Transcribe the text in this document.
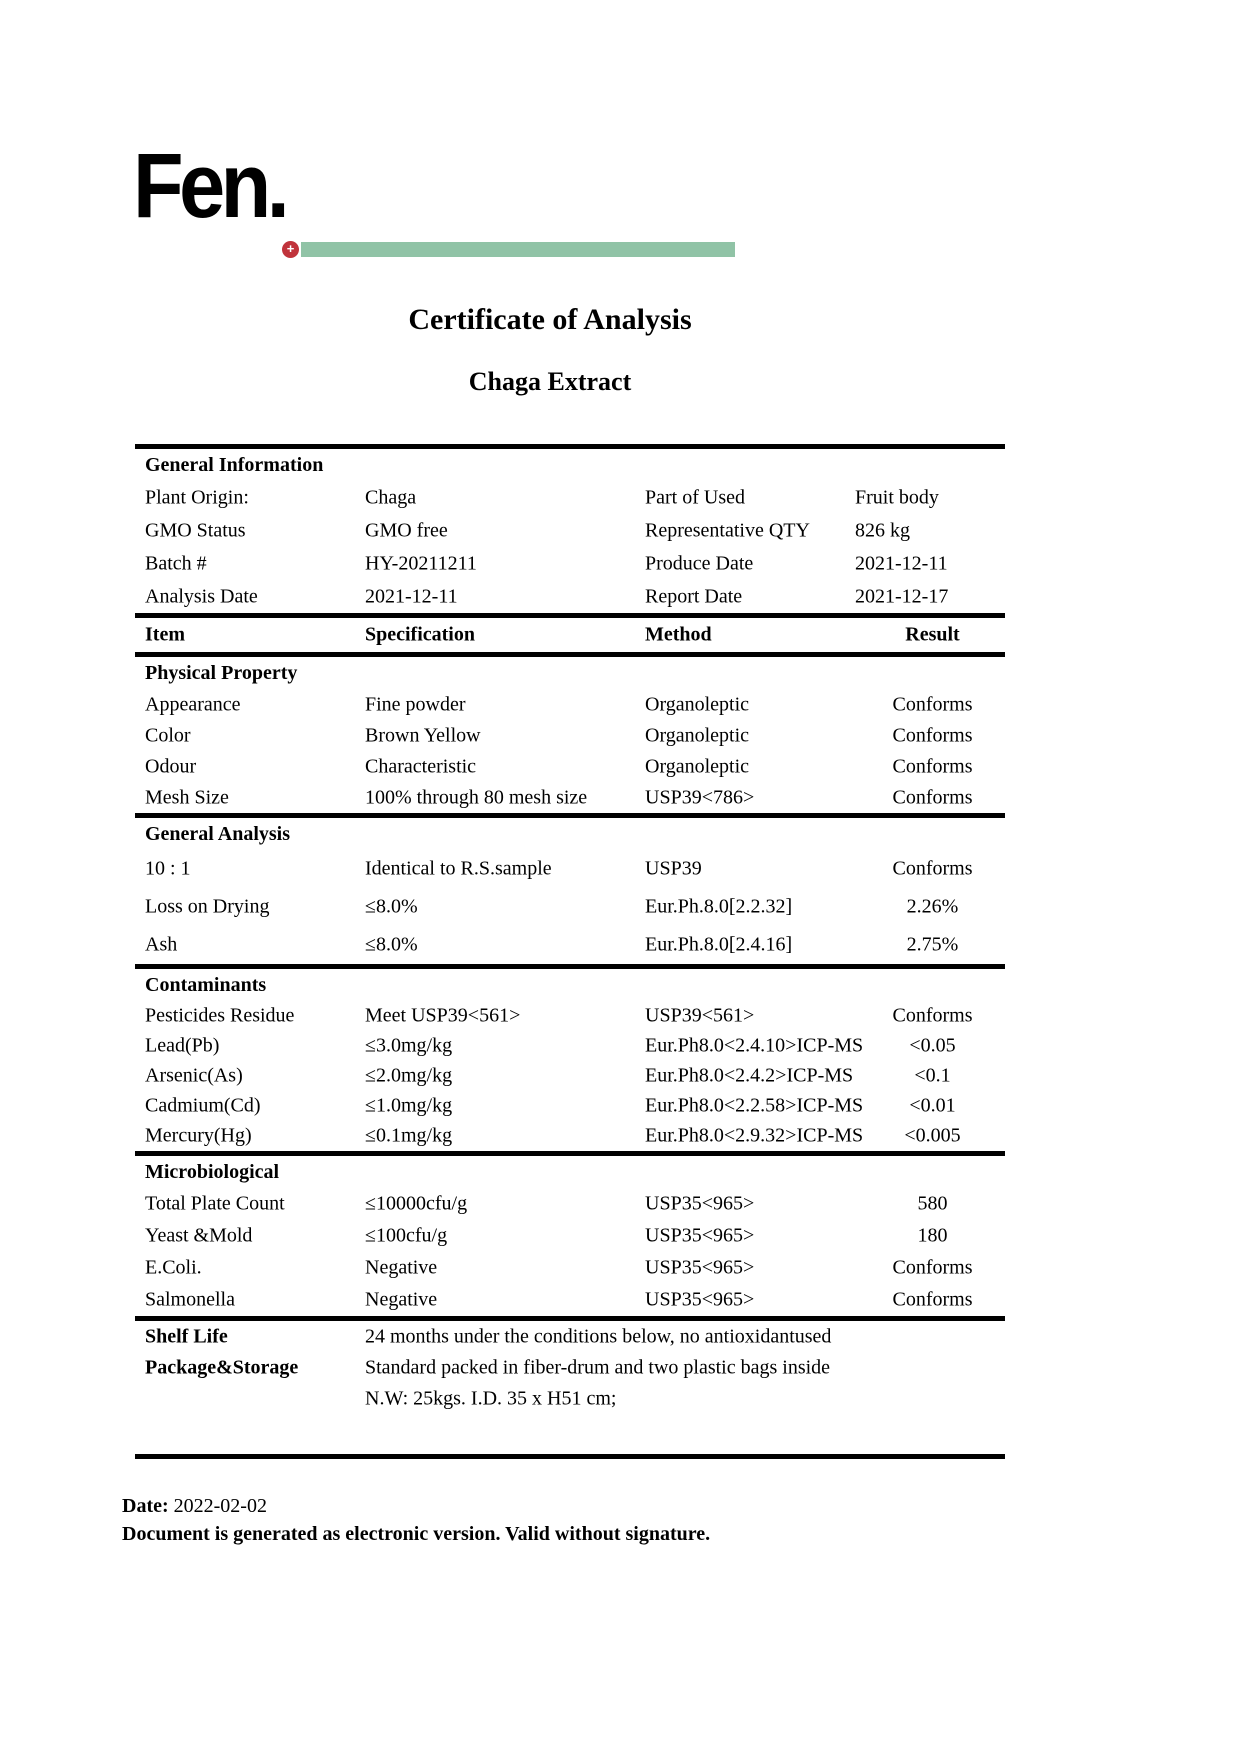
Fen.
+
Certificate of Analysis
Chaga Extract
General Information
Plant Origin:	Chaga	Part of Used	Fruit body
GMO Status	GMO free	Representative QTY 826 kg
Batch #	HY-20211211	Produce Date	2021-12-11
Analysis Date	2021-12-11	Report Date	2021-12-17
Item	Specification	Method	Result
Physical Property
Appearance	Fine powder	Organoleptic	Conforms
Color	Brown Yellow	Organoleptic	Conforms
Odour	Characteristic	Organoleptic	Conforms
Mesh Size	100% through 80 mesh size	USP39<786>	Conforms
General Analysis
10 : 1	Identical to R.S.sample	USP39	Conforms
Loss on Drying	≤8.0%	Eur.Ph.8.0[2.2.32]	2.26%
Ash	≤8.0%	Eur.Ph.8.0[2.4.16]	2.75%
Contaminants
Pesticides Residue	Meet USP39<561>	USP39<561>	Conforms
Lead(Pb)	≤3.0mg/kg	Eur.Ph8.0<2.4.10>ICP-MS	<0.05
Arsenic(As)	≤2.0mg/kg	Eur.Ph8.0<2.4.2>ICP-MS	<0.1
Cadmium(Cd)	≤1.0mg/kg	Eur.Ph8.0<2.2.58>ICP-MS	<0.01
Mercury(Hg)	≤0.1mg/kg	Eur.Ph8.0<2.9.32>ICP-MS	<0.005
Microbiological
Total Plate Count	≤10000cfu/g	USP35<965>	580
Yeast &Mold	≤100cfu/g	USP35<965>	180
E.Coli.	Negative	USP35<965>	Conforms
Salmonella	Negative	USP35<965>	Conforms
Shelf Life	24 months under the conditions below, no antioxidantused
Package&Storage	Standard packed in fiber-drum and two plastic bags inside
N.W: 25kgs. I.D. 35 x H51 cm;
Date: 2022-02-02
Document is generated as electronic version. Valid without signature.
